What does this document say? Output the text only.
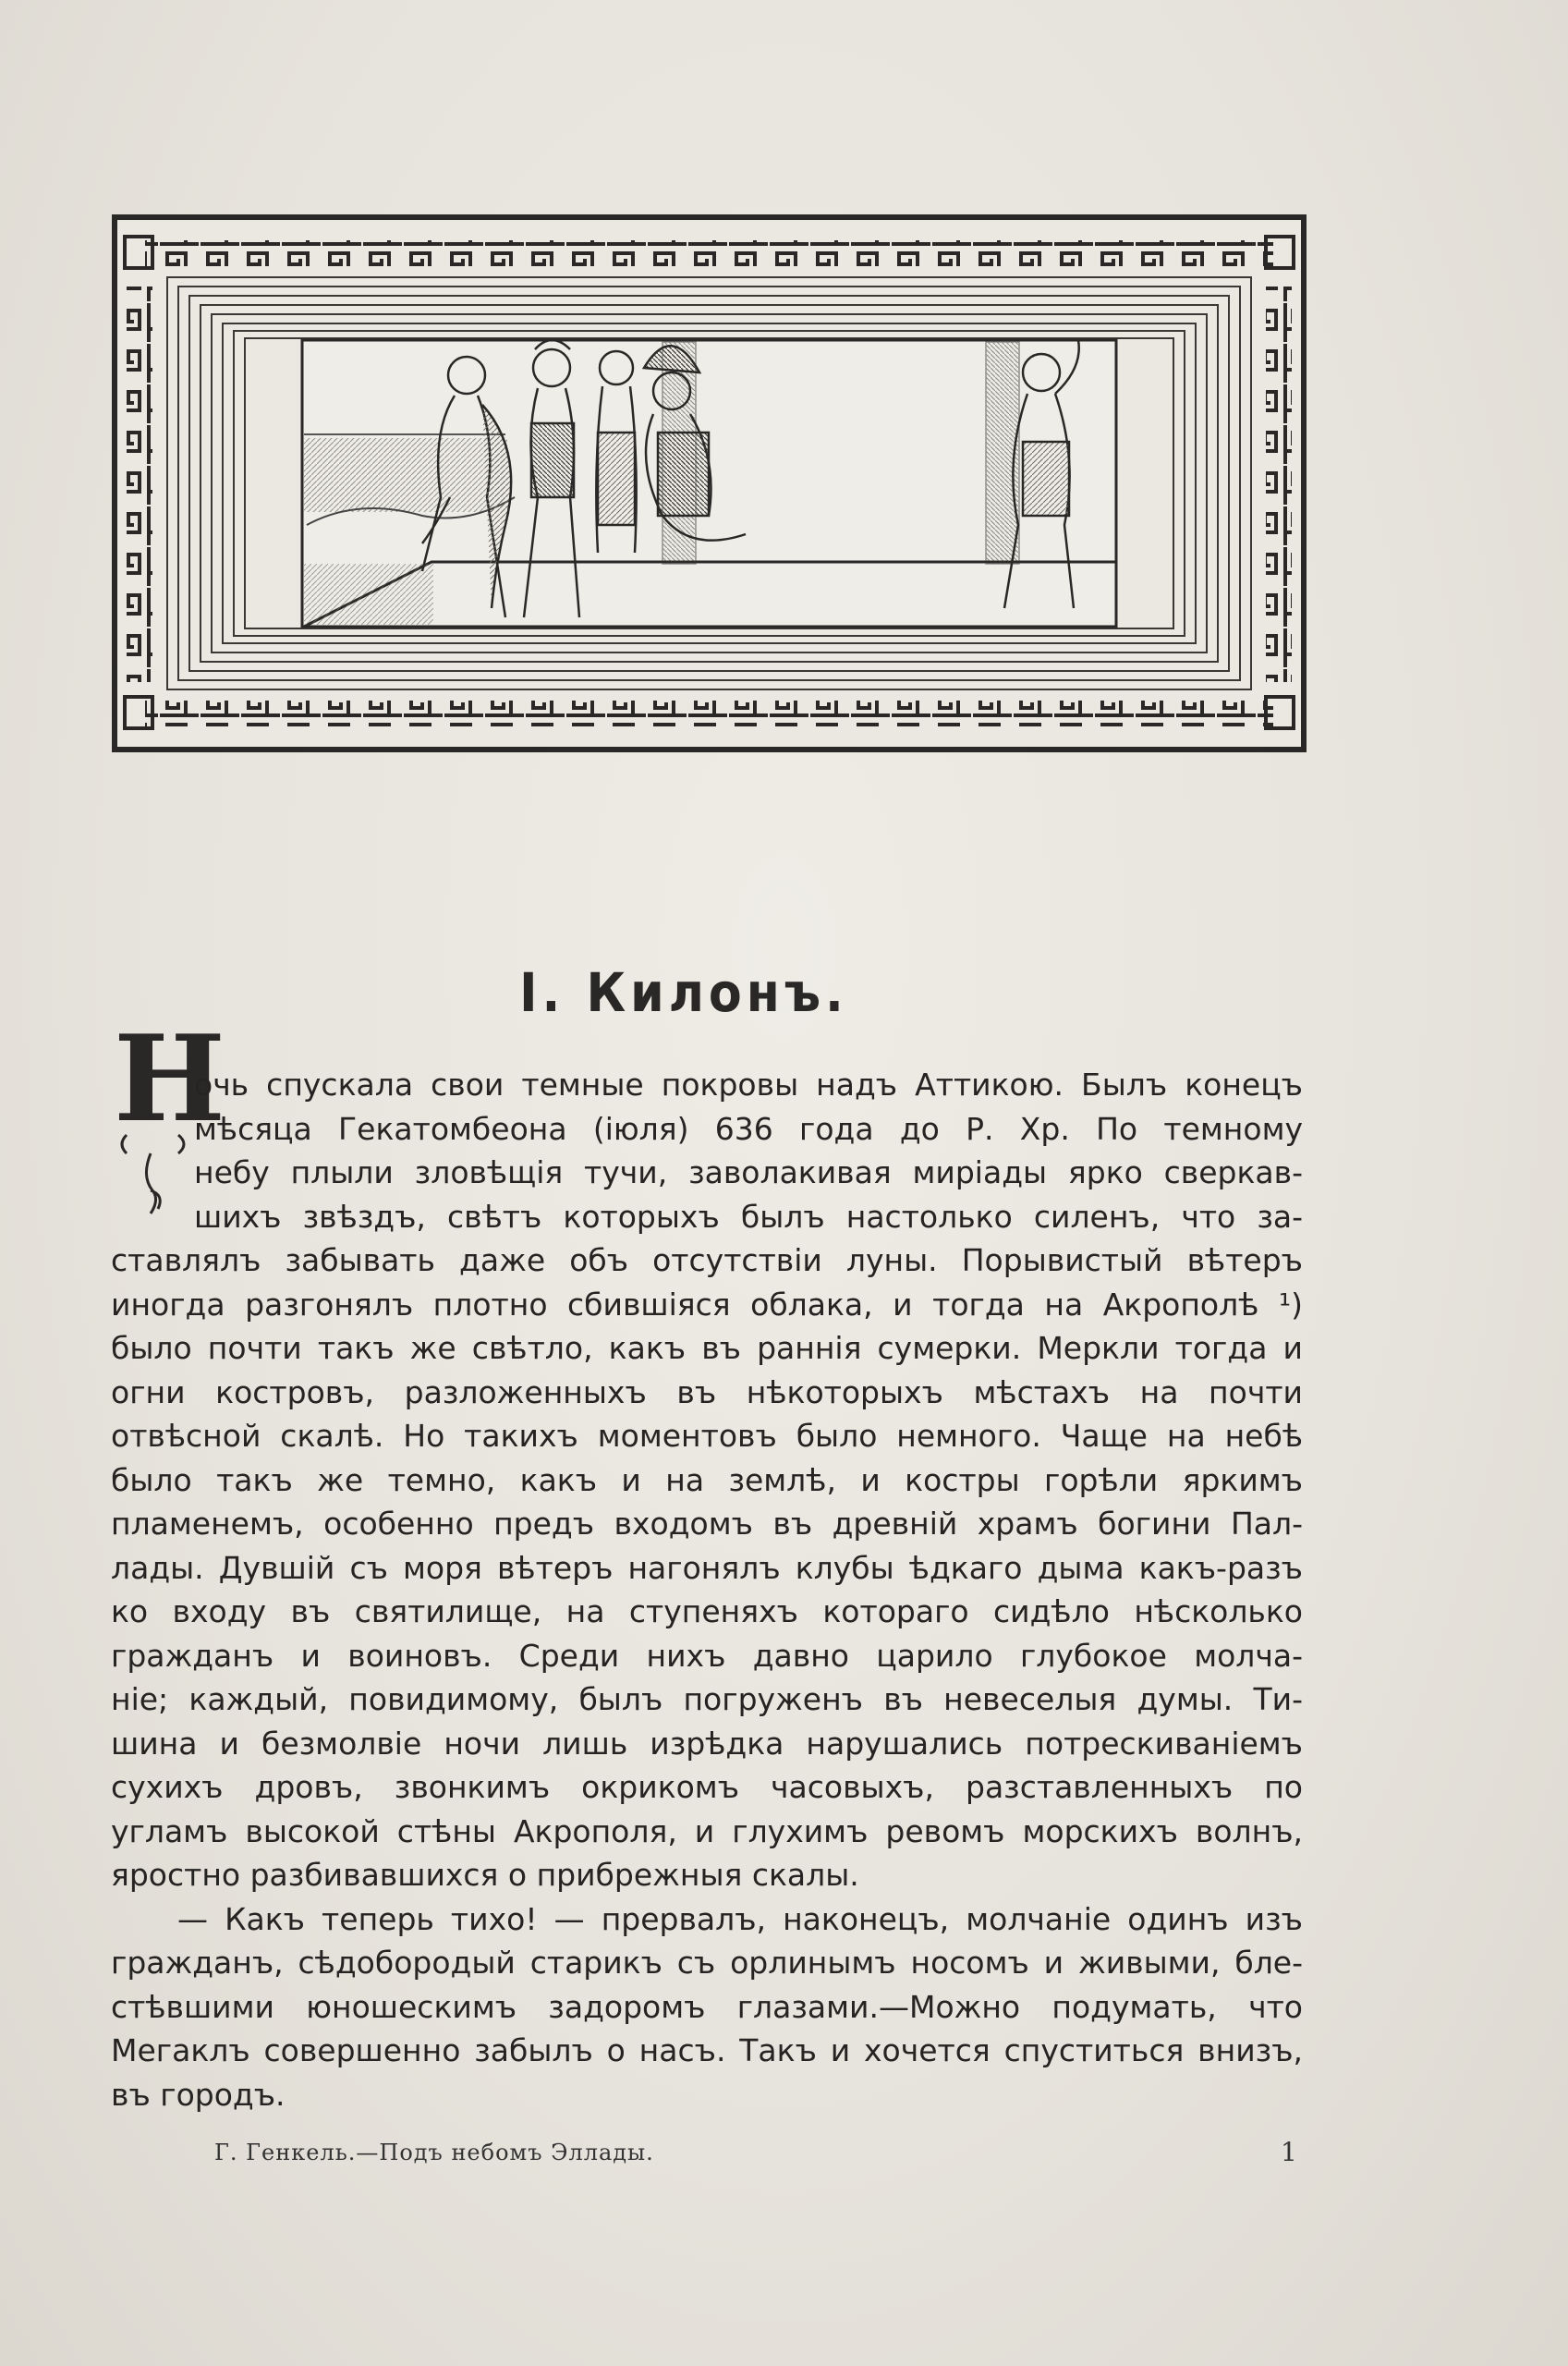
I. Килонъ.
Н
очь спускала свои темные покровы надъ Аттикою. Былъ конецъ
мѣсяца Гекатомбеона (іюля) 636 года до Р. Хр. По темному
небу плыли зловѣщія тучи, заволакивая миріады ярко сверкав-
шихъ звѣздъ, свѣтъ которыхъ былъ настолько силенъ, что за-
ставлялъ забывать даже объ отсутствіи луны. Порывистый вѣтеръ
иногда разгонялъ плотно сбившіяся облака, и тогда на Акрополѣ ¹)
было почти такъ же свѣтло, какъ въ раннія сумерки. Меркли тогда и
огни костровъ, разложенныхъ въ нѣкоторыхъ мѣстахъ на почти
отвѣсной скалѣ. Но такихъ моментовъ было немного. Чаще на небѣ
было такъ же темно, какъ и на землѣ, и костры горѣли яркимъ
пламенемъ, особенно предъ входомъ въ древній храмъ богини Пал-
лады. Дувшій съ моря вѣтеръ нагонялъ клубы ѣдкаго дыма какъ-разъ
ко входу въ святилище, на ступеняхъ котораго сидѣло нѣсколько
гражданъ и воиновъ. Среди нихъ давно царило глубокое молча-
ніе; каждый, повидимому, былъ погруженъ въ невеселыя думы. Ти-
шина и безмолвіе ночи лишь изрѣдка нарушались потрескиваніемъ
сухихъ дровъ, звонкимъ окрикомъ часовыхъ, разставленныхъ по
угламъ высокой стѣны Акрополя, и глухимъ ревомъ морскихъ волнъ,
яростно разбивавшихся о прибрежныя скалы.
— Какъ теперь тихо! — прервалъ, наконецъ, молчаніе одинъ изъ
гражданъ, сѣдобородый старикъ съ орлинымъ носомъ и живыми, бле-
стѣвшими юношескимъ задоромъ глазами.—Можно подумать, что
Мегаклъ совершенно забылъ о насъ. Такъ и хочется спуститься внизъ,
въ городъ.
Г. Генкель.—Подъ небомъ Эллады.	1
